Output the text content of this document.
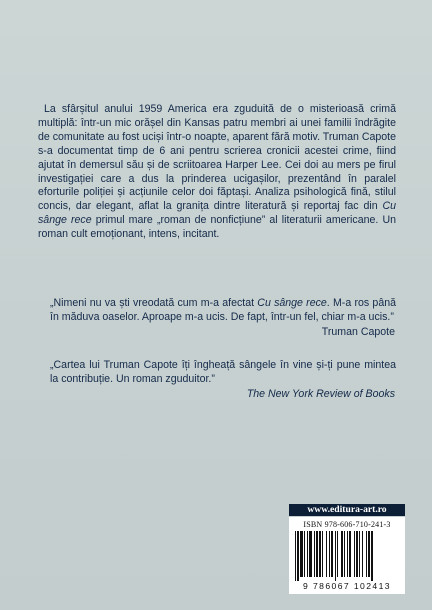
La sfârșitul anului 1959 America era zguduită de o misterioasă crimă multiplă: într-un mic orășel din Kansas patru membri ai unei familii îndrăgite de comunitate au fost uciși într-o noapte, aparent fără motiv. Truman Capote s-a documentat timp de 6 ani pentru scrierea cronicii acestei crime, fiind ajutat în demersul său și de scriitoarea Harper Lee. Cei doi au mers pe firul investigației care a dus la prinderea ucigașilor, prezentând în paralel eforturile poliției și acțiunile celor doi făptași. Analiza psihologică fină, stilul concis, dar elegant, aflat la granița dintre literatură și reportaj fac din Cu sânge rece primul mare „roman de nonficțiune” al literaturii americane. Un roman cult emoționant, intens, incitant.

„Nimeni nu va ști vreodată cum m-a afectat Cu sânge rece. M-a ros până în măduva oaselor. Aproape m-a ucis. De fapt, într-un fel, chiar m-a ucis.”

Truman Capote

„Cartea lui Truman Capote îți îngheață sângele în vine și-ți pune mintea la contribuție. Un roman zguduitor.”

The New York Review of Books
www.editura-art.ro
ISBN 978-606-710-241-3
9 786067 102413
